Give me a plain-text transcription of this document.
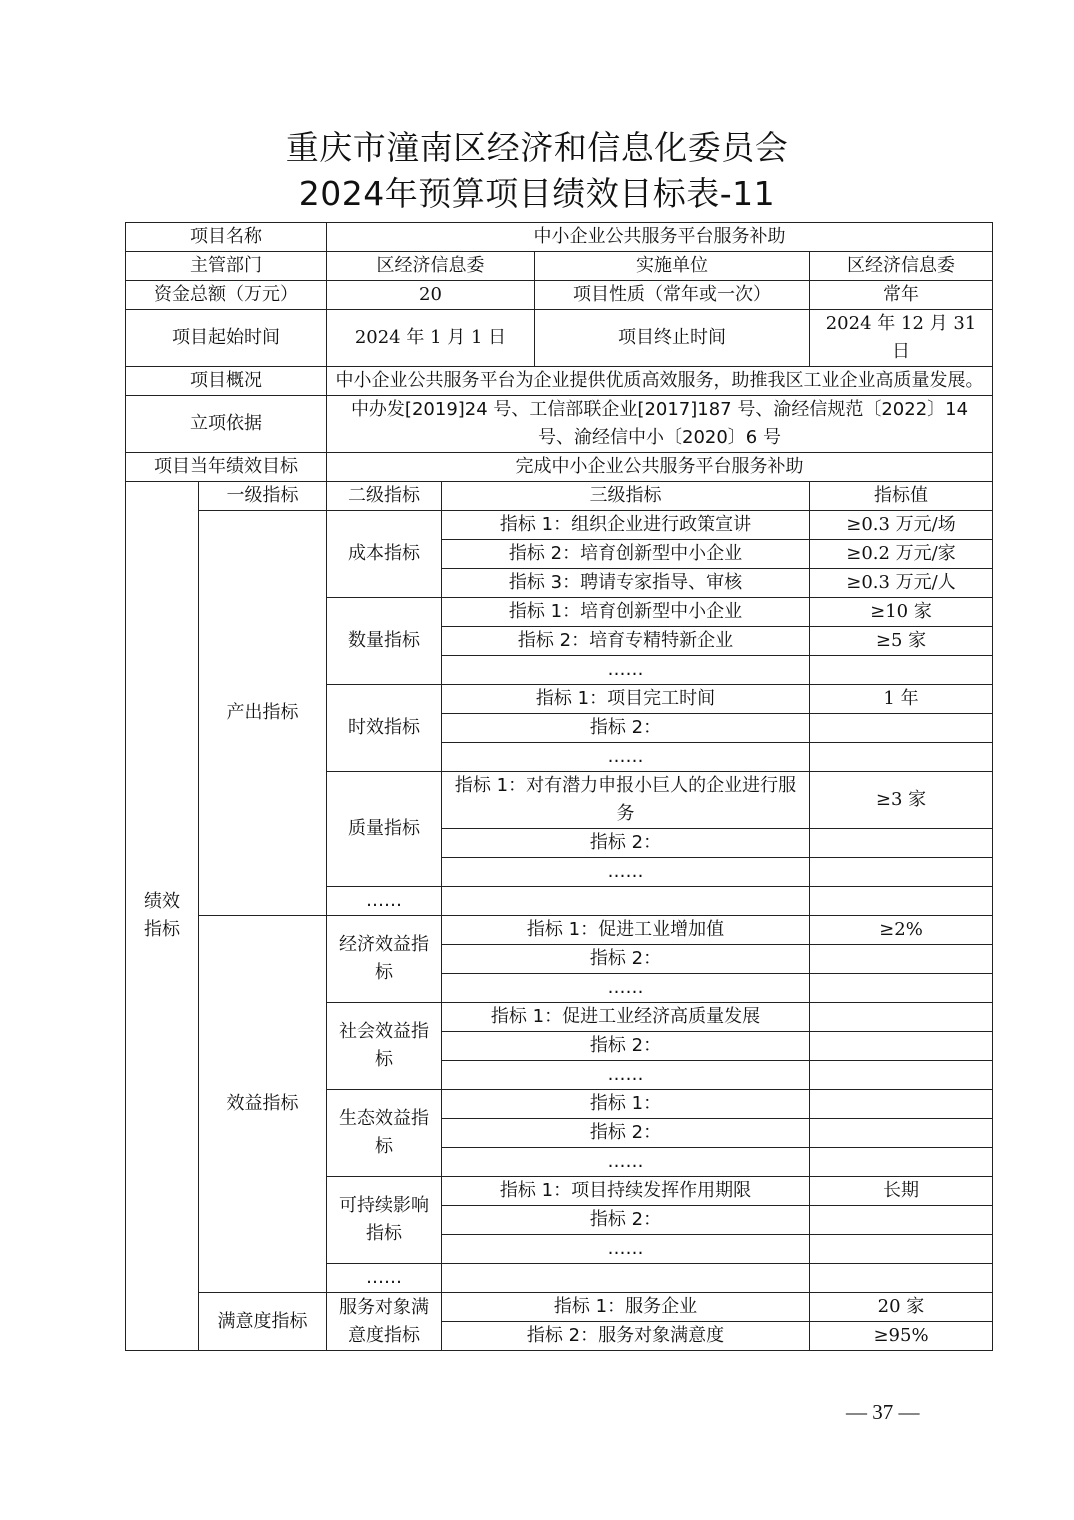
重庆市潼南区经济和信息化委员会
2024年预算项目绩效目标表-11
项目名称		中小企业公共服务平台服务补助			
主管部门		区经济信息委		实施单位	区经济信息委
资金总额（万元）		20		项目性质（常年或一次）	常年
项目起始时间		2024 年 1 月 1 日		项目终止时间	2024 年 12 月 31 日
项目概况		中小企业公共服务平台为企业提供优质高效服务，助推我区工业企业高质量发展。			
立项依据		中办发[2019]24 号、工信部联企业[2017]187 号、渝经信规范〔2022〕14 号、渝经信中小〔2020〕6 号			
项目当年绩效目标		完成中小企业公共服务平台服务补助			
绩效指标	一级指标	二级指标	三级指标		指标值
	产出指标	成本指标	指标 1：组织企业进行政策宣讲		≥0.3 万元/场
			指标 2：培育创新型中小企业		≥0.2 万元/家
			指标 3：聘请专家指导、审核		≥0.3 万元/人
		数量指标	指标 1：培育创新型中小企业		≥10 家
			指标 2：培育专精特新企业		≥5 家
			……		
		时效指标	指标 1：项目完工时间		1 年
			指标 2：		
			……		
		质量指标	指标 1：对有潜力申报小巨人的企业进行服务		≥3 家
			指标 2：		
			……		
		……			
	效益指标	经济效益指标	指标 1：促进工业增加值		≥2%
			指标 2：		
			……		
		社会效益指标	指标 1：促进工业经济高质量发展		
			指标 2：		
			……		
		生态效益指标	指标 1：		
			指标 2：		
			……		
		可持续影响指标	指标 1：项目持续发挥作用期限		长期
			指标 2：		
			……		
		……			
	满意度指标	服务对象满意度指标	指标 1：服务企业		20 家
			指标 2：服务对象满意度		≥95%
— 37 —
